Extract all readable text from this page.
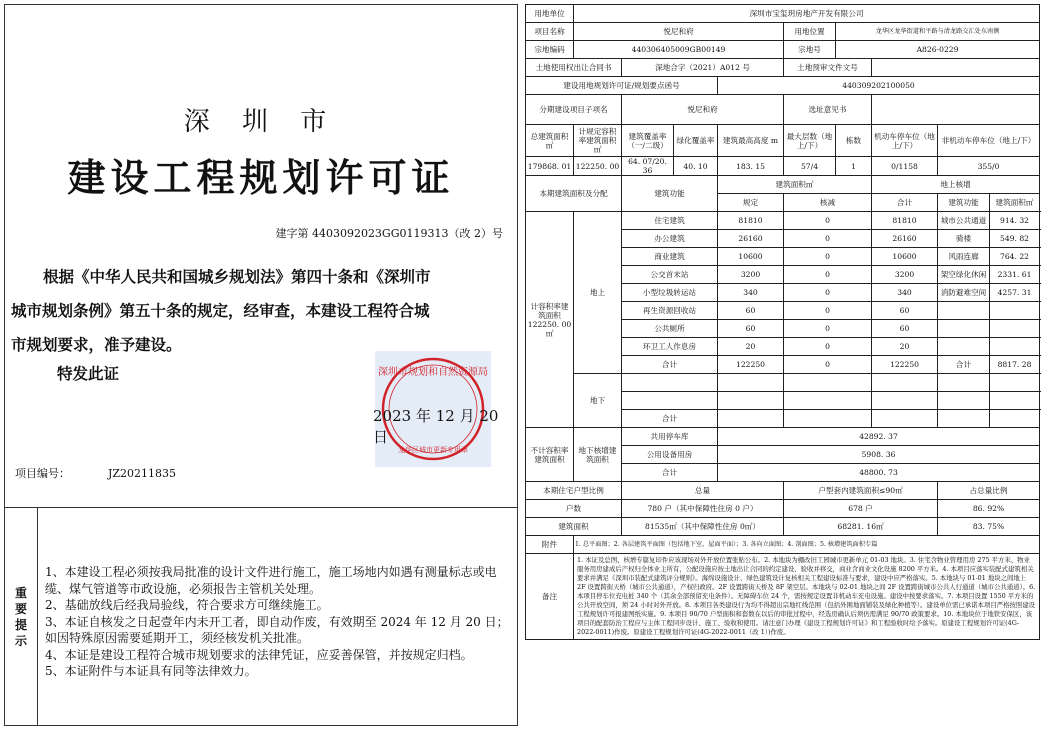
深 圳 市
建设工程规划许可证
建字第 4403092023GG0119313（改 2）号

根据《中华人民共和国城乡规划法》第四十条和《深圳市

城市规划条例》第五十条的规定，经审查，本建设工程符合城

市规划要求，准予建设。

特发此证	深圳市规划和自然资源局
龙华区城市更新专用章
2023 年 12 月 20 日
项目编号：	JZ20211835
重要提示
1、本建设工程必须按我局批准的设计文件进行施工，施工场地内如遇有测量标志或电缆、煤气管道等市政设施，必须报告主管机关处理。
2、基础放线后经我局验线，符合要求方可继续施工。
3、本证自核发之日起壹年内未开工者，即自动作废，有效期至 2024 年 12 月 20 日；如因特殊原因需要延期开工，须经核发机关批准。
4、本证是建设工程符合城市规划要求的法律凭证，应妥善保管，并按规定归档。
5、本证附件与本证具有同等法律效力。
用地单位	深圳市宝玺玥房地产开发有限公司								
项目名称	悦尼和府				用地位置	龙华区龙华街道和平路与清龙路交汇处东南侧			
宗地编码	440306405009GB00149				宗地号	A826-0229			
土地使用权出让合同书		深地合字（2021）A012 号			土地预审文件文号				
建设用地规划许可证/规划要点函号				440309202100050					
分期建设项目子项名		悦尼和府			选址意见书				
总建筑面积㎡	计规定容积率建筑面积㎡	建筑覆盖率（一/二级）	绿化覆盖率	建筑最高高度 m	最大层数（地上/下）	栋数	机动车停车位（地上/下）	非机动车停车位（地上/下）	
179868. 01	122250. 00	64. 07/20. 36	40. 10	183. 15	57/4	1	0/1158	355/0	
本期建筑面积及分配		建筑功能		建筑面积㎡			地上核增		
				规定	核减		合计	建筑功能	建筑面积㎡
计容积率建筑面积 122250. 00 ㎡	地上	住宅建筑		81810	0		81810	城市公共通道	914. 32
		办公建筑		26160	0		26160	骑楼	549. 82
		商业建筑		10600	0		10600	风雨连廊	764. 22
		公交首末站		3200	0		3200	架空绿化休闲	2331. 61
		小型垃圾转运站		340	0		340	消防避难空间	4257. 31
		再生资源回收站		60	0		60		
		公共厕所		60	0		60		
		环卫工人作息房		20	0		20		
		合计		122250	0		122250	合计	8817. 28
	地下								

		合计							
不计容积率建筑面积	地下核增建筑面积	共用停车库		42892. 37					
		公用设备用房		5908. 36					
		合计		48800. 73					
本期住宅户型比例		总量			户型套内建筑面积≤90㎡			占总量比例	
户数		780 户（其中保障性住房 0 户）			678 户			86. 92%	
建筑面积		81535㎡（其中保障性住房 0㎡）			68281. 16㎡			83. 75%	
附件	1. 总平面图；2. 各层建筑平面图（包括地下室、屋面平面）；3. 各向立面图；4. 剖面图；5. 核增建筑面积专篇								
备注	1. 本证及总图、核增专篇复印件应该现场对外开放位置张贴公布。2. 本地块为棚改旧工园城市更新单元 01-03 地块。3. 住宅含物业管理用房 275 平方米、物业服务用房建成后产权归全体业主所有，公配设施应按土地出让合同的约定建设、验收并移交，商业含商业文化设施 8200 平方米。4. 本项目应落实装配式建筑相关要求并满足《深圳市装配式建筑评分规则》。海绵设施设计、绿色建筑设计复核相关工程建设标准与要求，建设中应严格落实。5. 本地块与 01-01 地块之间地上 2F 设置跨街天桥（城市公共通道），产权归政府。2F 设置跨街天桥及 8F 架空层。本地块与 02-01 地块之间 2F 设置跨街城市公共人行通道（城市公共通道）。6. 本项目停车位充电桩 340 个（其余全部预留充电条件）。无障碍车位 24 个，需按规定设置非机动车充电设施。建设中按要求落实。7. 本项目设置 1550 平方米的公共开放空间，须 24 小时对外开放。8. 本项目各类建设行为均不得超出宗地红线范围（包括外围地面铺装及绿化种植等）。建设单位需已承诺本项目严格按照建设工程规划许可报建图纸实施。9. 本项目 90/70 户型面积和套数在以后的审批过程中，经选房确认后须仍需满足 90/70 政策要求。10. 本地块位于地铁安保区，该项目的配套防治工程应与主体工程同步设计、施工、验收和使用。请注意门办理《建设工程规划许可证》和工程验收时给予落实。原建设工程规划许可证(4G-2022-0011)作废。原建设工程规划许可证(4G-2022-0011（改 1）)作废。								
